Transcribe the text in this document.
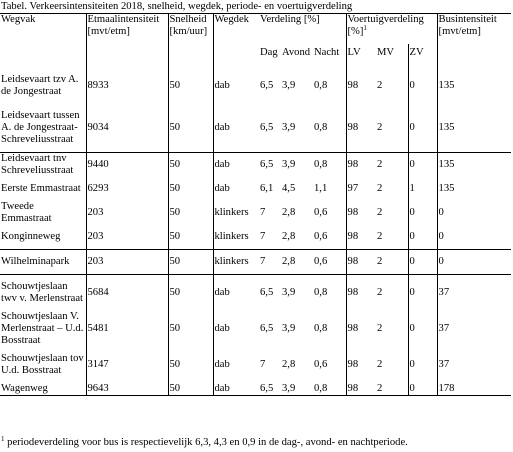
Tabel. Verkeersintensiteiten 2018, snelheid, wegdek, periode- en voertuigverdeling
Wegvak	Etmaalintensiteit [mvt/etm]	Snelheid [km/uur]	Wegdek	Verdeling [%]			Voertuigverdeling [%]$^1$			Busintensiteit [mvt/etm]
				Dag	Avond	Nacht	LV	MV	ZV	
Leidsevaart tzv A. de Jongestraat	8933	50	dab	6,5	3,9	0,8	98	2	0	135
Leidsevaart tussen A. de Jongestraat-Schreveliusstraat	9034	50	dab	6,5	3,9	0,8	98	2	0	135
Leidsevaart tnv Schreveliusstraat	9440	50	dab	6,5	3,9	0,8	98	2	0	135
Eerste Emmastraat	6293	50	dab	6,1	4,5	1,1	97	2	1	135
Tweede Emmastraat	203	50	klinkers	7	2,8	0,6	98	2	0	0
Konginneweg	203	50	klinkers	7	2,8	0,6	98	2	0	0
Wilhelminapark	203	50	klinkers	7	2,8	0,6	98	2	0	0
Schouwtjeslaan twv v. Merlenstraat	5684	50	dab	6,5	3,9	0,8	98	2	0	37
Schouwtjeslaan V. Merlenstraat – U.d. Bosstraat	5481	50	dab	6,5	3,9	0,8	98	2	0	37
Schouwtjeslaan tov U.d. Bosstraat	3147	50	dab	7	2,8	0,6	98	2	0	37
Wagenweg	9643	50	dab	6,5	3,9	0,8	98	2	0	178
$^1$ periodeverdeling voor bus is respectievelijk 6,3, 4,3 en 0,9 in de dag-, avond- en nachtperiode.
